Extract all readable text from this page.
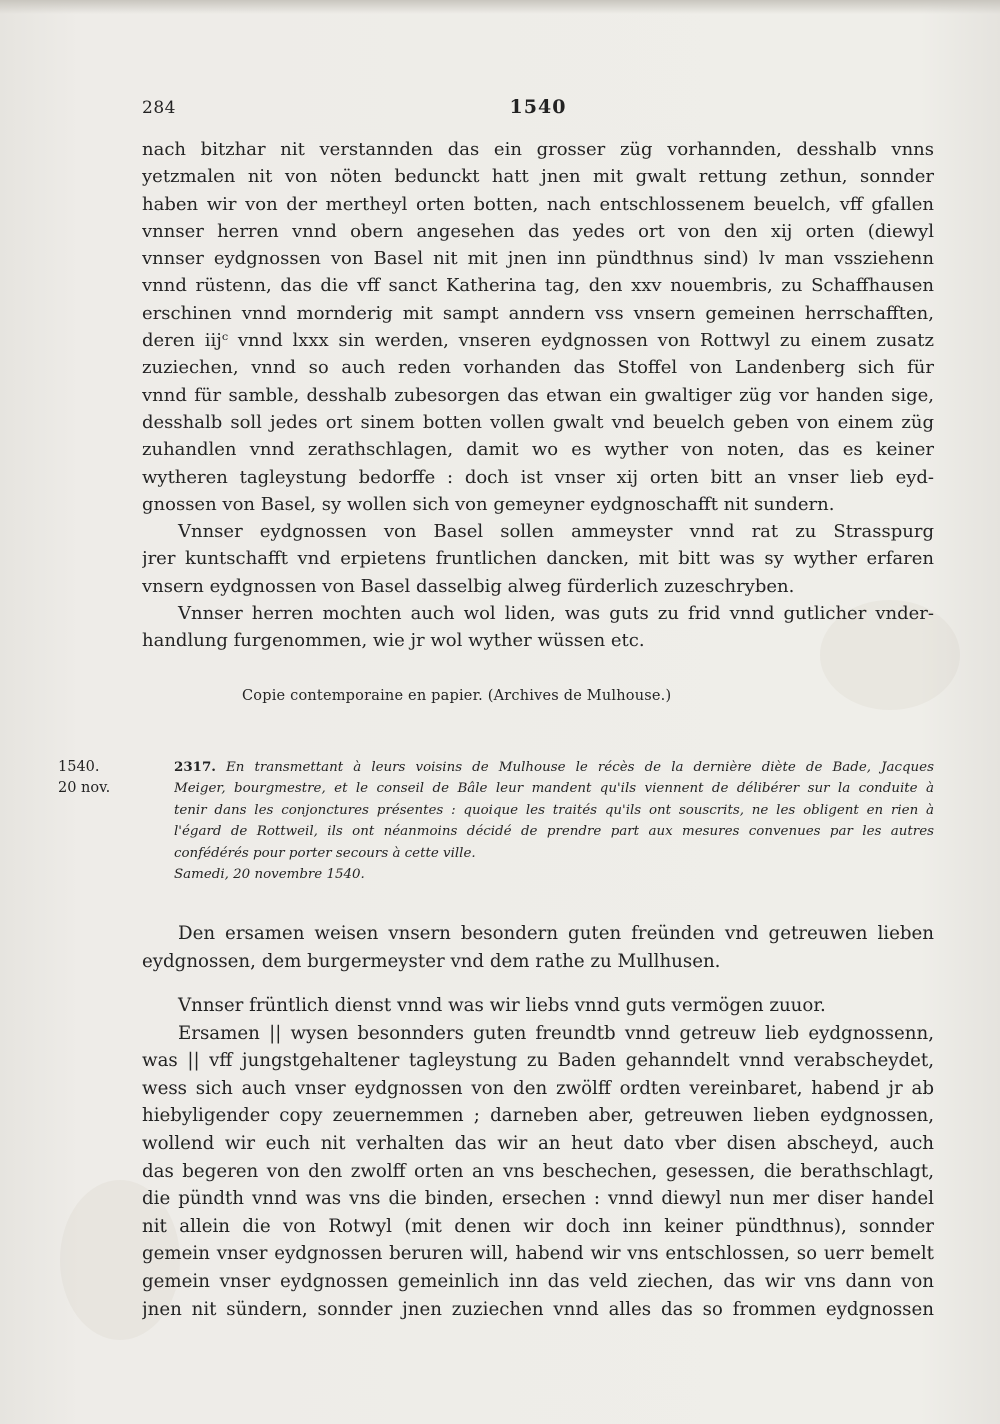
284	1540
nach bitzhar nit verstannden das ein grosser züg vorhannden, desshalb vnns
yetzmalen nit von nöten bedunckt hatt jnen mit gwalt rettung zethun, sonnder
haben wir von der mertheyl orten botten, nach entschlossenem beuelch, vff gfallen
vnnser herren vnnd obern angesehen das yedes ort von den xij orten (diewyl
vnnser eydgnossen von Basel nit mit jnen inn pündthnus sind) lv man vssziehenn
vnnd rüstenn, das die vff sanct Katherina tag, den xxv nouembris, zu Schaffhausen
erschinen vnnd mornderig mit sampt anndern vss vnsern gemeinen herrschafften,
deren iijᶜ vnnd lxxx sin werden, vnseren eydgnossen von Rottwyl zu einem zusatz
zuziechen, vnnd so auch reden vorhanden das Stoffel von Landenberg sich für
vnnd für samble, desshalb zubesorgen das etwan ein gwaltiger züg vor handen sige,
desshalb soll jedes ort sinem botten vollen gwalt vnd beuelch geben von einem züg
zuhandlen vnnd zerathschlagen, damit wo es wyther von noten, das es keiner
wytheren tagleystung bedorffe : doch ist vnser xij orten bitt an vnser lieb eyd-
gnossen von Basel, sy wollen sich von gemeyner eydgnoschafft nit sundern.
Vnnser eydgnossen von Basel sollen ammeyster vnnd rat zu Strasspurg
jrer kuntschafft vnd erpietens fruntlichen dancken, mit bitt was sy wyther erfaren
vnsern eydgnossen von Basel dasselbig alweg fürderlich zuzeschryben.
Vnnser herren mochten auch wol liden, was guts zu frid vnnd gutlicher vnder-
handlung furgenommen, wie jr wol wyther wüssen etc.
Copie contemporaine en papier. (Archives de Mulhouse.)
1540.
20 nov.
2317. En transmettant à leurs voisins de Mulhouse le récès de la dernière diète de Bade, Jacques
Meiger, bourgmestre, et le conseil de Bâle leur mandent qu'ils viennent de délibérer sur la conduite à
tenir dans les conjonctures présentes : quoique les traités qu'ils ont souscrits, ne les obligent en rien à
l'égard de Rottweil, ils ont néanmoins décidé de prendre part aux mesures convenues par les autres
confédérés pour porter secours à cette ville.
Samedi, 20 novembre 1540.
Den ersamen weisen vnsern besondern guten freünden vnd getreuwen lieben
eydgnossen, dem burgermeyster vnd dem rathe zu Mullhusen.
Vnnser früntlich dienst vnnd was wir liebs vnnd guts vermögen zuuor.
Ersamen || wysen besonnders guten freundtb vnnd getreuw lieb eydgnossenn,
was || vff jungstgehaltener tagleystung zu Baden gehanndelt vnnd verabscheydet,
wess sich auch vnser eydgnossen von den zwölff ordten vereinbaret, habend jr ab
hiebyligender copy zeuernemmen ; darneben aber, getreuwen lieben eydgnossen,
wollend wir euch nit verhalten das wir an heut dato vber disen abscheyd, auch
das begeren von den zwolff orten an vns beschechen, gesessen, die berathschlagt,
die pündth vnnd was vns die binden, ersechen : vnnd diewyl nun mer diser handel
nit allein die von Rotwyl (mit denen wir doch inn keiner pündthnus), sonnder
gemein vnser eydgnossen beruren will, habend wir vns entschlossen, so uerr bemelt
gemein vnser eydgnossen gemeinlich inn das veld ziechen, das wir vns dann von
jnen nit sündern, sonnder jnen zuziechen vnnd alles das so frommen eydgnossen
